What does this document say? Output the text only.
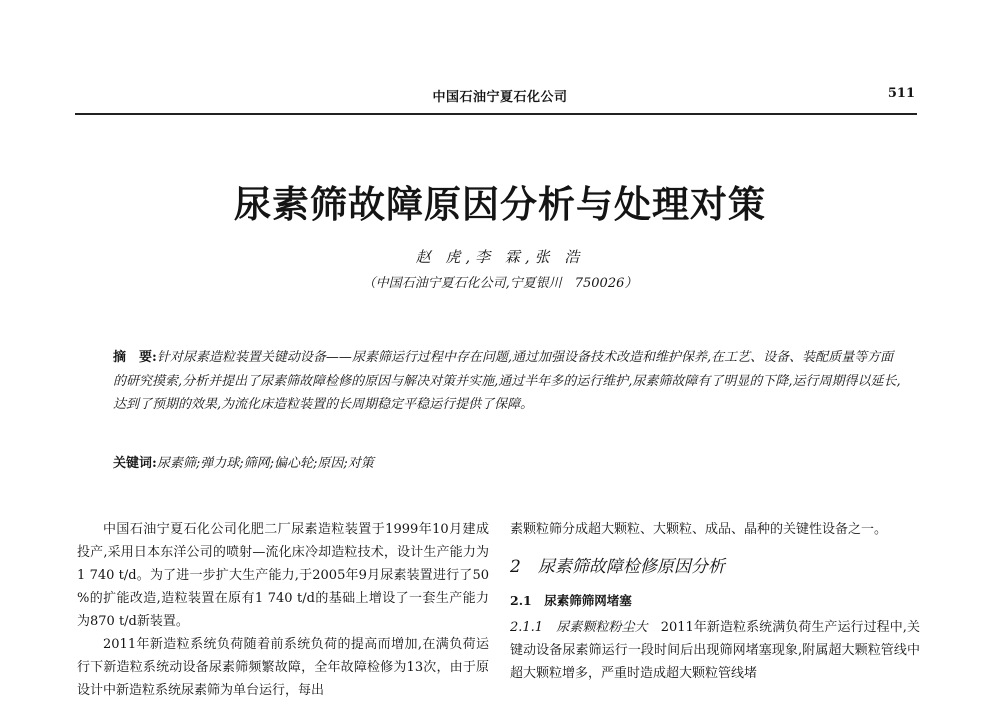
中国石油宁夏石化公司	511
尿素筛故障原因分析与处理对策
赵 虎,李 霖,张 浩
（中国石油宁夏石化公司,宁夏银川　750026）
摘　要:针对尿素造粒装置关键动设备——尿素筛运行过程中存在问题,通过加强设备技术改造和维护保养,在工艺、设备、装配质量等方面的研究摸索,分析并提出了尿素筛故障检修的原因与解决对策并实施,通过半年多的运行维护,尿素筛故障有了明显的下降,运行周期得以延长,达到了预期的效果,为流化床造粒装置的长周期稳定平稳运行提供了保障。
关键词:尿素筛;弹力球;筛网;偏心轮;原因;对策

中国石油宁夏石化公司化肥二厂尿素造粒装置于1999年10月建成投产,采用日本东洋公司的喷射—流化床冷却造粒技术，设计生产能力为1 740 t/d。为了进一步扩大生产能力,于2005年9月尿素装置进行了50 %的扩能改造,造粒装置在原有1 740 t/d的基础上增设了一套生产能力为870 t/d新装置。

2011年新造粒系统负荷随着前系统负荷的提高而增加,在满负荷运行下新造粒系统动设备尿素筛频繁故障，全年故障检修为13次，由于原设计中新造粒系统尿素筛为单台运行，每出

素颗粒筛分成超大颗粒、大颗粒、成品、晶种的关键性设备之一。

2　尿素筛故障检修原因分析
2.1　尿素筛筛网堵塞

2.1.1　尿素颗粒粉尘大　 2011年新造粒系统满负荷生产运行过程中,关键动设备尿素筛运行一段时间后出现筛网堵塞现象,附属超大颗粒管线中超大颗粒增多，严重时造成超大颗粒管线堵
